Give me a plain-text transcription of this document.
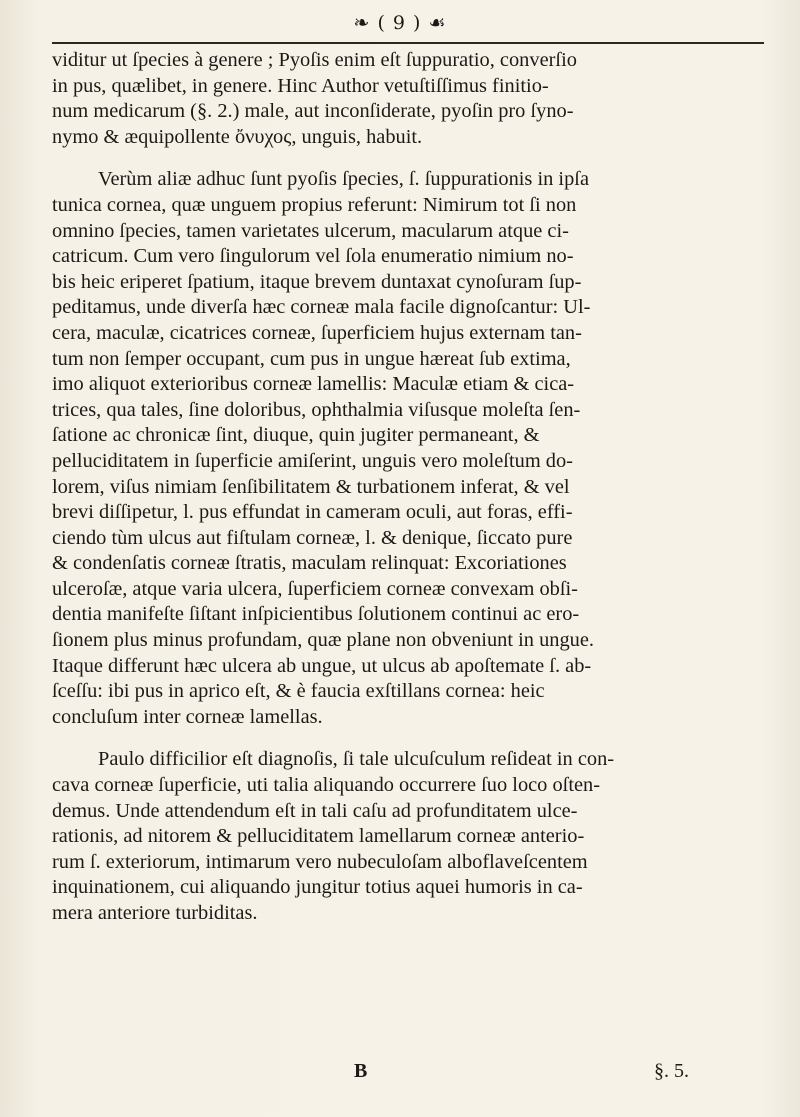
❧ ( 9 ) ☙
viditur ut ſpecies à genere ; Pyoſis enim eſt ſuppuratio, converſio
in pus, quælibet, in genere. Hinc Author vetuſtiſſimus finitio-
num medicarum (§. 2.) male, aut inconſiderate, pyoſin pro ſyno-
nymo & æquipollente ὄνυχος, unguis, habuit.
Verùm aliæ adhuc ſunt pyoſis ſpecies, ſ. ſuppurationis in ipſa
tunica cornea, quæ unguem propius referunt: Nimirum tot ſi non
omnino ſpecies, tamen varietates ulcerum, macularum atque ci-
catricum. Cum vero ſingulorum vel ſola enumeratio nimium no-
bis heic eriperet ſpatium, itaque brevem duntaxat cynoſuram ſup-
peditamus, unde diverſa hæc corneæ mala facile dignoſcantur: Ul-
cera, maculæ, cicatrices corneæ, ſuperficiem hujus externam tan-
tum non ſemper occupant, cum pus in ungue hæreat ſub extima,
imo aliquot exterioribus corneæ lamellis: Maculæ etiam & cica-
trices, qua tales, ſine doloribus, ophthalmia viſusque moleſta ſen-
ſatione ac chronicæ ſint, diuque, quin jugiter permaneant, &
pelluciditatem in ſuperficie amiſerint, unguis vero moleſtum do-
lorem, viſus nimiam ſenſibilitatem & turbationem inferat, & vel
brevi diſſipetur, l. pus effundat in cameram oculi, aut foras, effi-
ciendo tùm ulcus aut fiſtulam corneæ, l. & denique, ſiccato pure
& condenſatis corneæ ſtratis, maculam relinquat: Excoriationes
ulceroſæ, atque varia ulcera, ſuperficiem corneæ convexam obſi-
dentia manifeſte ſiſtant inſpicientibus ſolutionem continui ac ero-
ſionem plus minus profundam, quæ plane non obveniunt in ungue.
Itaque differunt hæc ulcera ab ungue, ut ulcus ab apoſtemate ſ. ab-
ſceſſu: ibi pus in aprico eſt, & è faucia exſtillans cornea: heic
concluſum inter corneæ lamellas.
Paulo difficilior eſt diagnoſis, ſi tale ulcuſculum reſideat in con-
cava corneæ ſuperficie, uti talia aliquando occurrere ſuo loco oſten-
demus. Unde attendendum eſt in tali caſu ad profunditatem ulce-
rationis, ad nitorem & pelluciditatem lamellarum corneæ anterio-
rum ſ. exteriorum, intimarum vero nubeculoſam alboflaveſcentem
inquinationem, cui aliquando jungitur totius aquei humoris in ca-
mera anteriore turbiditas.
B	§. 5.
